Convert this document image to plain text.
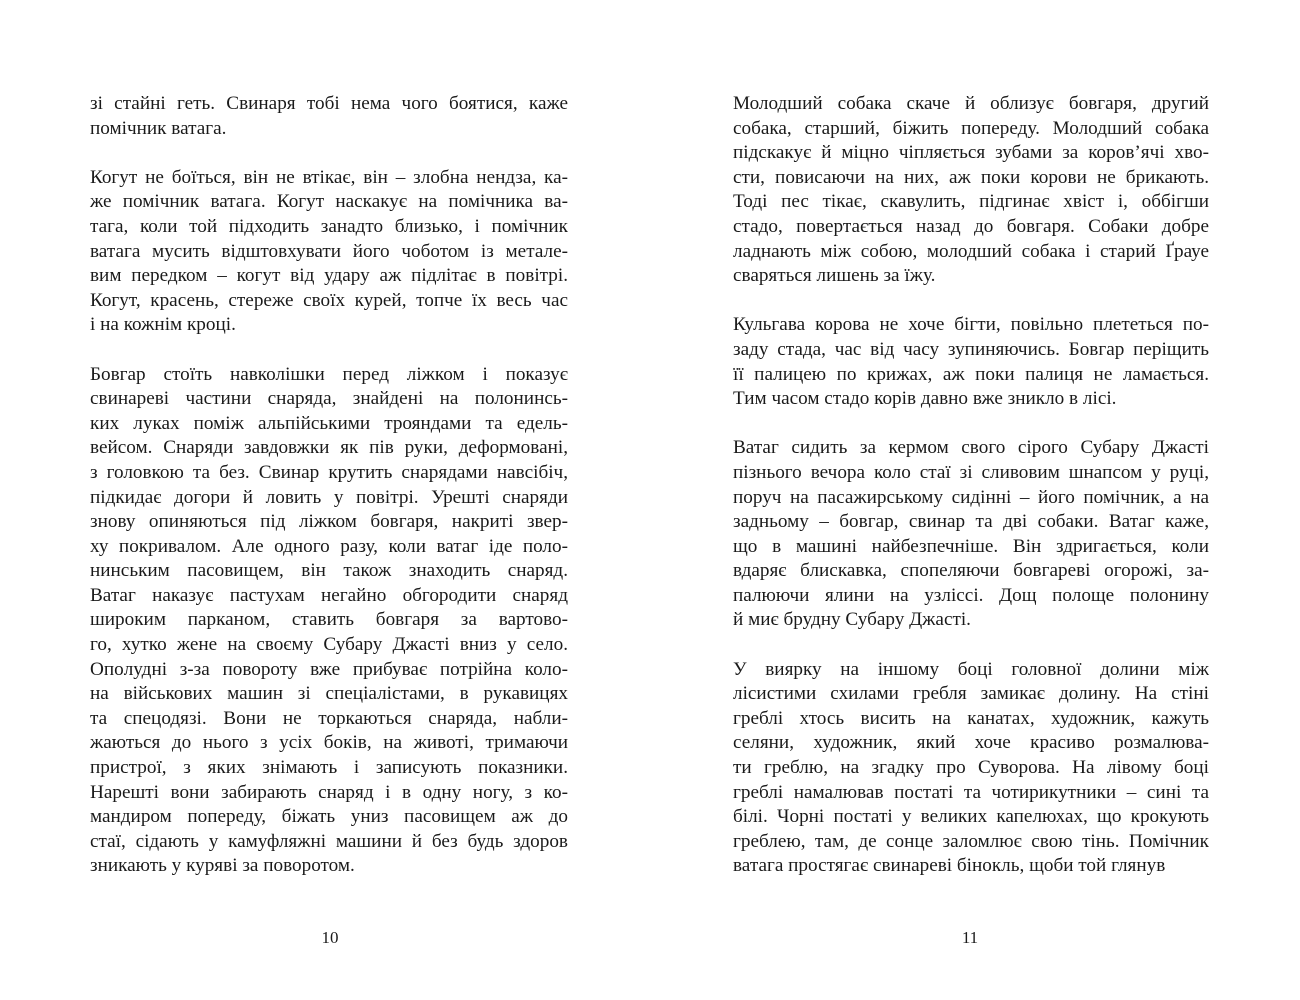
зі стайні геть. Свинаря тобі нема чого боятися, каже
помічник ватага.
Когут не боїться, він не втікає, він – злобна нендза, ка-
же помічник ватага. Когут наскакує на помічника ва-
тага, коли той підходить занадто близько, і помічник
ватага мусить відштовхувати його чоботом із метале-
вим передком – когут від удару аж підлітає в повітрі.
Когут, красень, стереже своїх курей, топче їх весь час
і на кожнім кроці.
Бовгар стоїть навколішки перед ліжком і показує
свинареві частини снаряда, знайдені на полонинсь-
ких луках поміж альпійськими трояндами та едель-
вейсом. Снаряди завдовжки як пів руки, деформовані,
з головкою та без. Свинар крутить снарядами навсібіч,
підкидає догори й ловить у повітрі. Урешті снаряди
знову опиняються під ліжком бовгаря, накриті звер-
ху покривалом. Але одного разу, коли ватаг іде поло-
нинським пасовищем, він також знаходить снаряд.
Ватаг наказує пастухам негайно обгородити снаряд
широким парканом, ставить бовгаря за вартово-
го, хутко жене на своєму Субару Джасті вниз у село.
Опoлудні з-за повороту вже прибуває потрійна коло-
на військових машин зі спеціалістами, в рукавицях
та спецодязі. Вони не торкаються снаряда, набли-
жаються до нього з усіх боків, на животі, тримаючи
пристрої, з яких знімають і записують показники.
Нарешті вони забирають снаряд і в одну ногу, з ко-
мандиром попереду, біжать униз пасовищем аж до
стаї, сідають у камуфляжні машини й без будь здоров
зникають у куряві за поворотом.
10
Молодший собака скаче й облизує бовгаря, другий
собака, старший, біжить попереду. Молодший собака
підскакує й міцно чіпляється зубами за коров’ячі хво-
сти, повисаючи на них, аж поки корови не брикають.
Тоді пес тікає, скавулить, підгинає хвіст і, оббігши
стадо, повертається назад до бовгаря. Собаки добре
ладнають між собою, молодший собака і старий Ґрауе
сваряться лишень за їжу.
Кульгава корова не хоче бігти, повільно плететься по-
заду стада, час від часу зупиняючись. Бовгар періщить
її палицею по крижах, аж поки палиця не ламається.
Тим часом стадо корів давно вже зникло в лісі.
Ватаг сидить за кермом свого сірого Субару Джасті
пізнього вечора коло стаї зі сливовим шнапсом у руці,
поруч на пасажирському сидінні – його помічник, а на
задньому – бовгар, свинар та дві собаки. Ватаг каже,
що в машині найбезпечніше. Він здригається, коли
вдаряє блискавка, спопеляючи бовгареві огорожі, за-
палюючи ялини на узліссі. Дощ полоще полонину
й миє брудну Субару Джасті.
У виярку на іншому боці головної долини між
лісистими схилами гребля замикає долину. На стіні
греблі хтось висить на канатах, художник, кажуть
селяни, художник, який хоче красиво розмалюва-
ти греблю, на згадку про Суворова. На лівому боці
греблі намалював постаті та чотирикутники – сині та
білі. Чорні постаті у великих капелюхах, що крокують
греблею, там, де сонце заломлює свою тінь. Помічник
ватага простягає свинареві бінокль, щоби той глянув
11
